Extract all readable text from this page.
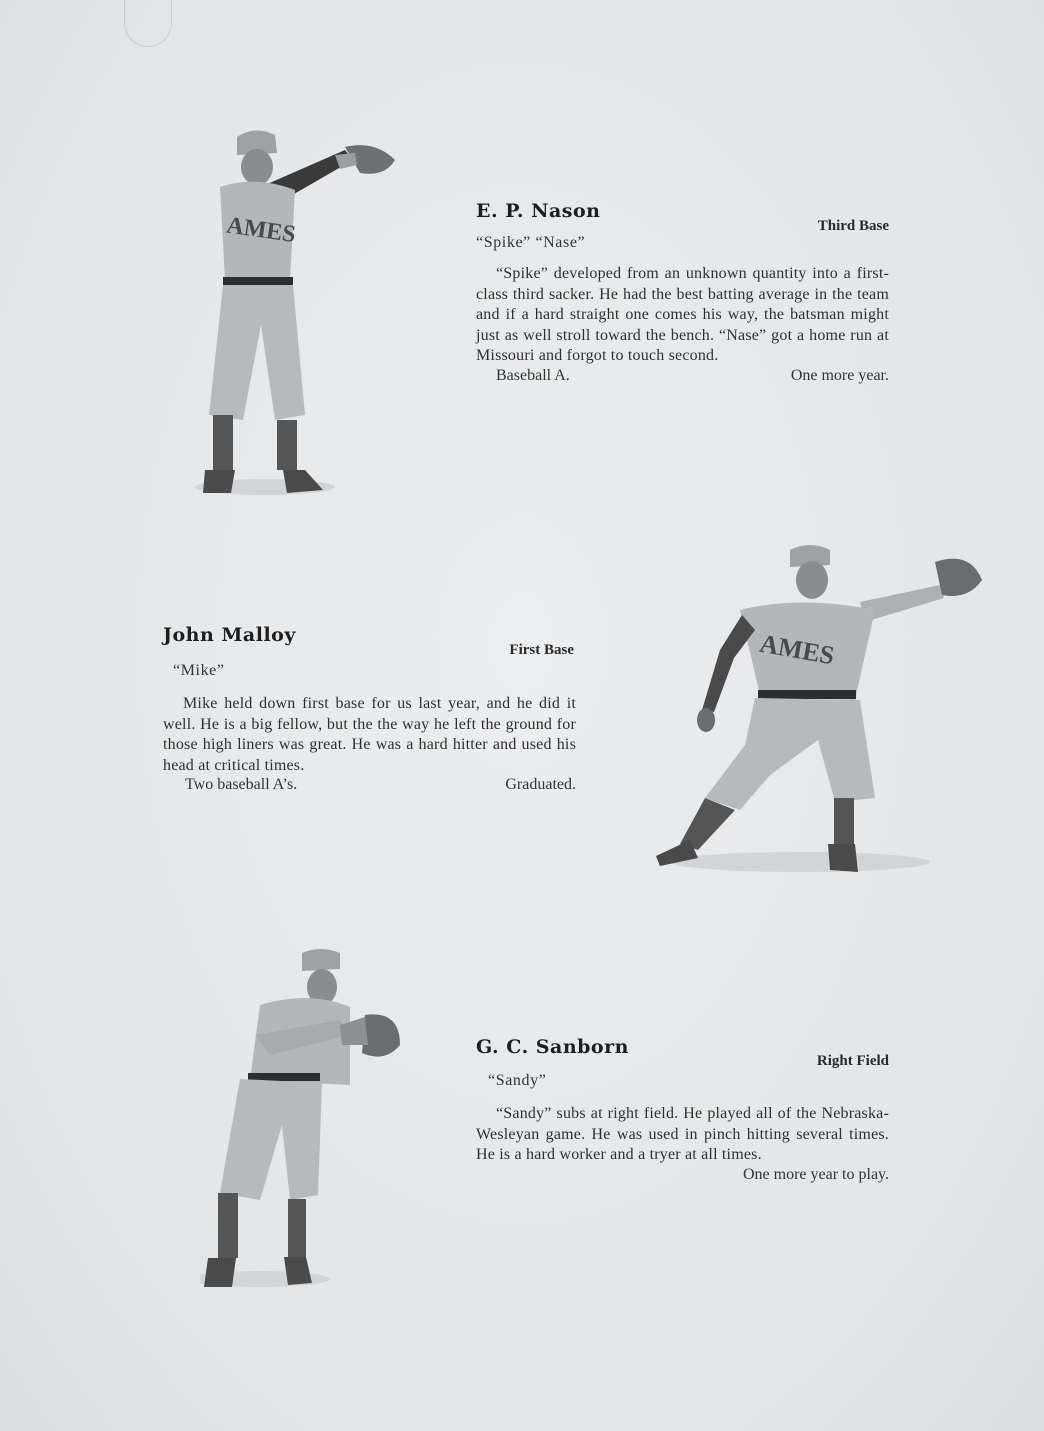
AMES
E. P. Nason
Third Base
“Spike” “Nase”

“Spike” developed from an unknown quantity into a first-class third sacker. He had the best batting average in the team and if a hard straight one comes his way, the batsman might just as well stroll toward the bench. “Nase” got a home run at Missouri and forgot to touch second.

Baseball A.	One more year.
John Malloy
First Base
“Mike”

Mike held down first base for us last year, and he did it well. He is a big fellow, but the the way he left the ground for those high liners was great. He was a hard hitter and used his head at critical times.

Two baseball A’s.	Graduated.
AMES
G. C. Sanborn
Right Field
“Sandy”

“Sandy” subs at right field. He played all of the Nebraska-Wesleyan game. He was used in pinch hitting several times. He is a hard worker and a tryer at all times.

One more year to play.
